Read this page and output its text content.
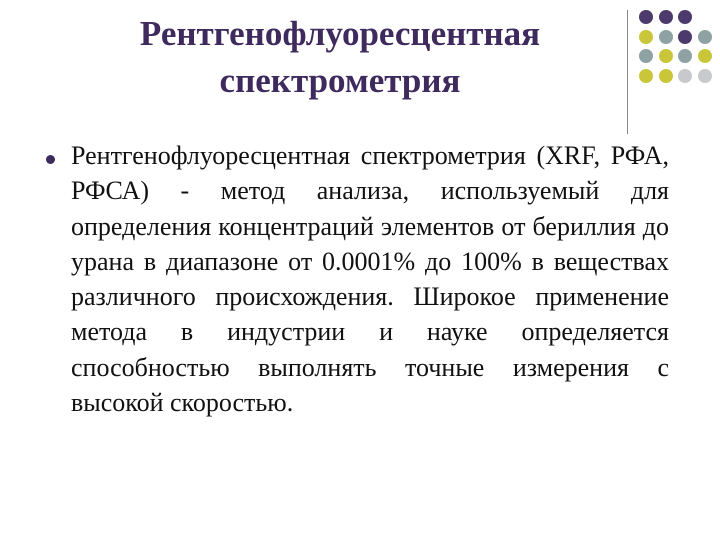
Рентгенофлуоресцентная
спектрометрия

Рентгенофлуоресцентная спектрометрия (XRF, РФА, РФСА) - метод анализа, используемый для определения концентраций элементов от бериллия до урана в диапазоне от 0.0001% до 100% в веществах различного происхождения. Широкое применение метода в индустрии и науке определяется способностью выполнять точные измерения с высокой скоростью.
